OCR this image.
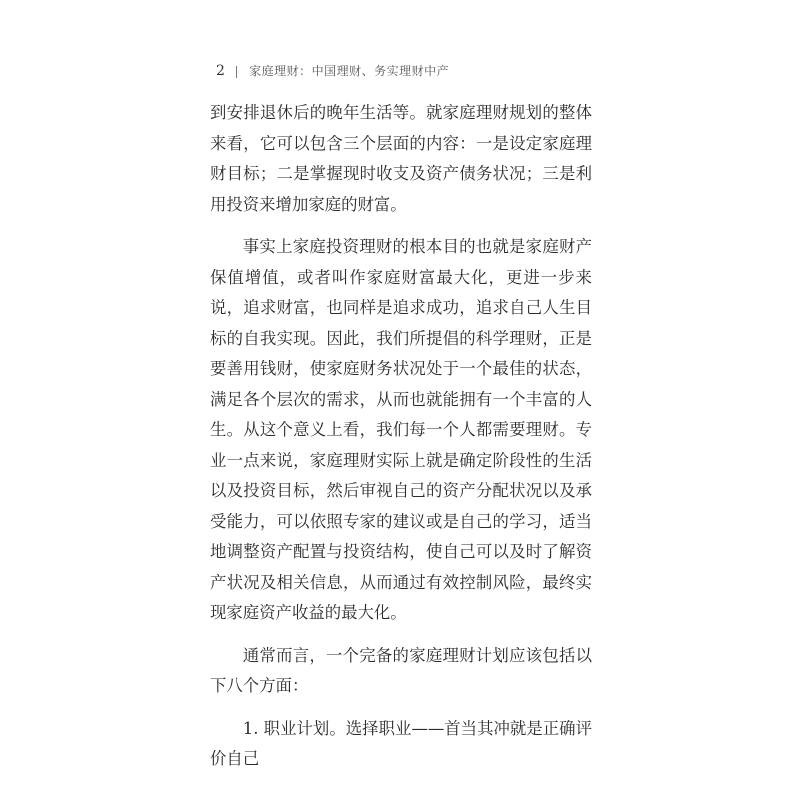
2 家庭理财：中国理财、务实理财中产

到安排退休后的晚年生活等。就家庭理财规划的整体来看，它可以包含三个层面的内容：一是设定家庭理财目标；二是掌握现时收支及资产债务状况；三是利用投资来增加家庭的财富。

事实上家庭投资理财的根本目的也就是家庭财产保值增值，或者叫作家庭财富最大化，更进一步来说，追求财富，也同样是追求成功，追求自己人生目标的自我实现。因此，我们所提倡的科学理财，正是要善用钱财，使家庭财务状况处于一个最佳的状态，满足各个层次的需求，从而也就能拥有一个丰富的人生。从这个意义上看，我们每一个人都需要理财。专业一点来说，家庭理财实际上就是确定阶段性的生活以及投资目标，然后审视自己的资产分配状况以及承受能力，可以依照专家的建议或是自己的学习，适当地调整资产配置与投资结构，使自己可以及时了解资产状况及相关信息，从而通过有效控制风险，最终实现家庭资产收益的最大化。

通常而言，一个完备的家庭理财计划应该包括以下八个方面：

1. 职业计划。选择职业——首当其冲就是正确评价自己
